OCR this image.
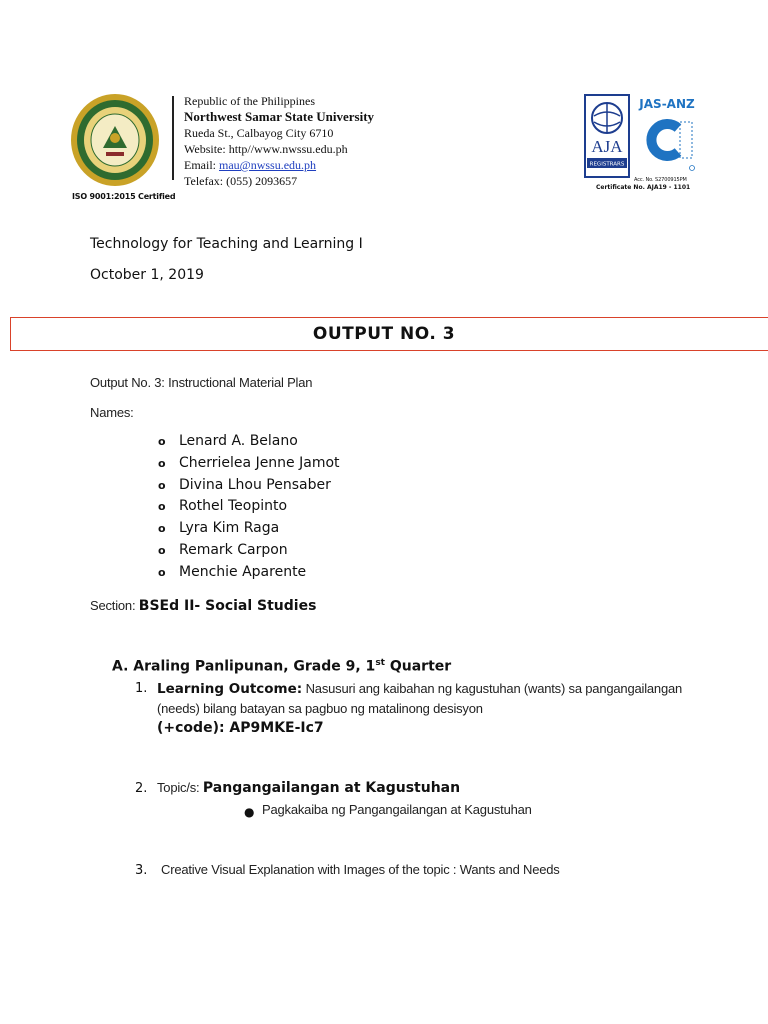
ISO 9001:2015 Certified
Republic of the Philippines
Northwest Samar State University
Rueda St., Calbayog City 6710
Website: http//www.nwssu.edu.ph
Email: mau@nwssu.edu.ph
Telefax: (055) 2093657
AJA
REGISTRARS
JAS-ANZ
Acc. No. S2700915PM
Certificate No. AJA19 - 1101
Technology for Teaching and Learning I
October 1, 2019
OUTPUT NO. 3
Output No. 3: Instructional Material Plan
Names:
o Lenard A. Belano
o Cherrielea Jenne Jamot
o Divina Lhou Pensaber
o Rothel Teopinto
o Lyra Kim Raga
o Remark Carpon
o Menchie Aparente
Section: BSEd II- Social Studies
A. Araling Panlipunan, Grade 9, 1st Quarter
1. Learning Outcome: Nasusuri ang kaibahan ng kagustuhan (wants) sa pangangailangan (needs) bilang batayan sa pagbuo ng matalinong desisyon
(+code): AP9MKE-Ic7
2. Topic/s: Pangangailangan at Kagustuhan
● Pagkakaiba ng Pangangailangan at Kagustuhan
3. Creative Visual Explanation with Images of the topic : Wants and Needs
